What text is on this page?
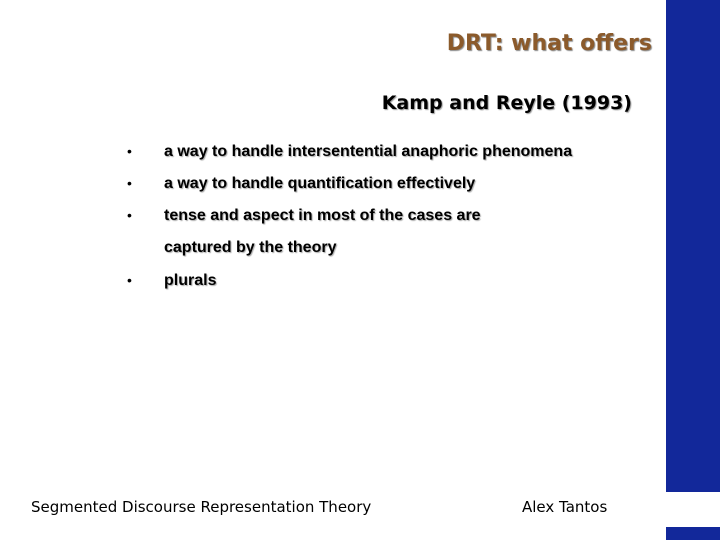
DRT: what offers
Kamp and Reyle (1993)
• a way to handle intersentential anaphoric phenomena
• a way to handle quantification effectively
• tense and aspect in most of the cases are
captured by the theory
• plurals
Segmented Discourse Representation Theory	Alex Tantos
